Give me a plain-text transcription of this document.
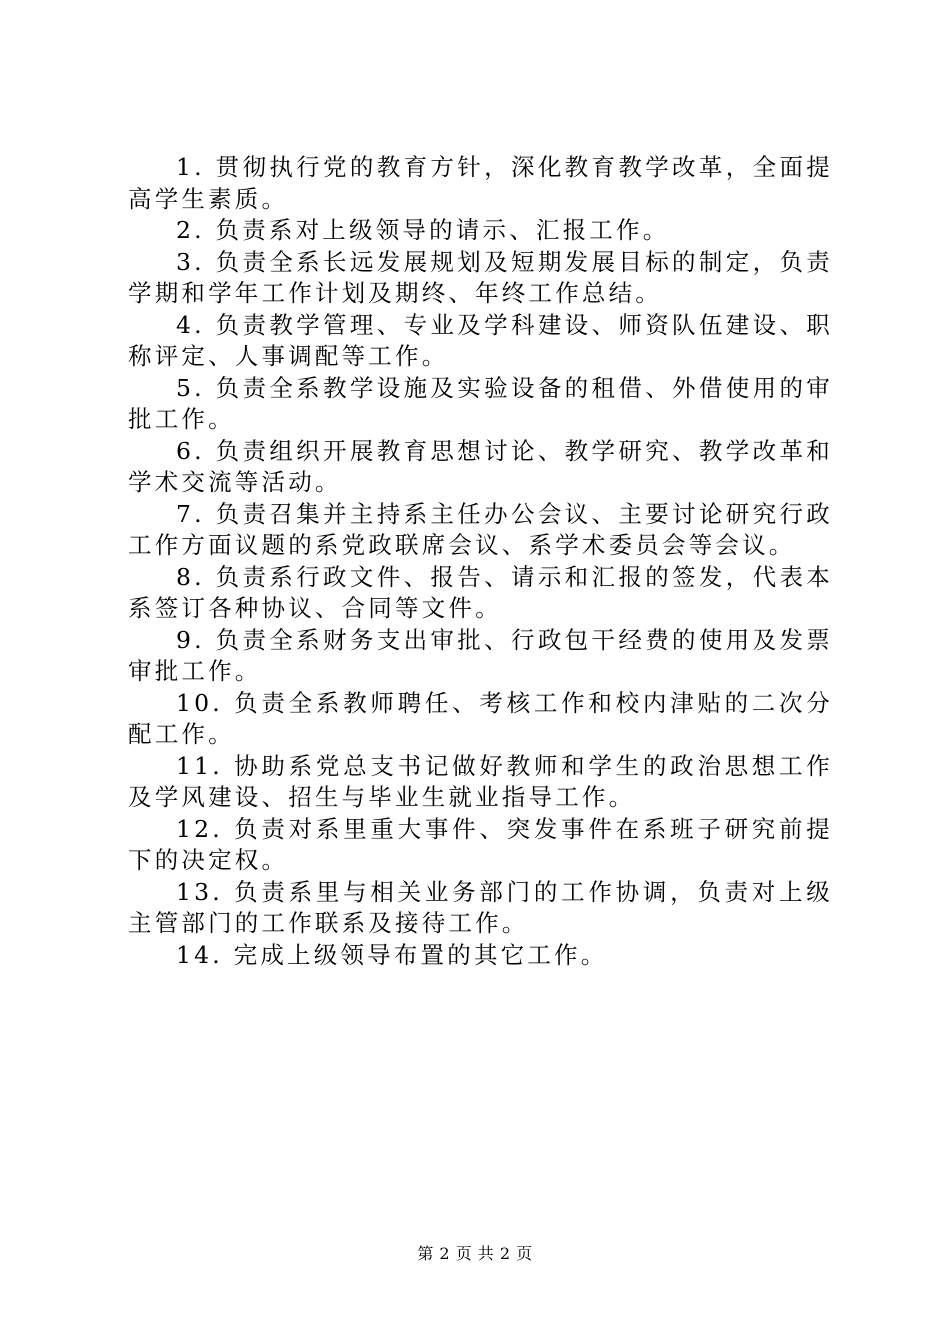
1. 贯彻执行党的教育方针，深化教育教学改革，全面提高学生素质。

2. 负责系对上级领导的请示、汇报工作。

3. 负责全系长远发展规划及短期发展目标的制定，负责学期和学年工作计划及期终、年终工作总结。

4. 负责教学管理、专业及学科建设、师资队伍建设、职称评定、人事调配等工作。

5. 负责全系教学设施及实验设备的租借、外借使用的审批工作。

6. 负责组织开展教育思想讨论、教学研究、教学改革和学术交流等活动。

7. 负责召集并主持系主任办公会议、主要讨论研究行政工作方面议题的系党政联席会议、系学术委员会等会议。

8. 负责系行政文件、报告、请示和汇报的签发，代表本系签订各种协议、合同等文件。

9. 负责全系财务支出审批、行政包干经费的使用及发票审批工作。

10. 负责全系教师聘任、考核工作和校内津贴的二次分配工作。

11. 协助系党总支书记做好教师和学生的政治思想工作及学风建设、招生与毕业生就业指导工作。

12. 负责对系里重大事件、突发事件在系班子研究前提下的决定权。

13. 负责系里与相关业务部门的工作协调，负责对上级主管部门的工作联系及接待工作。

14. 完成上级领导布置的其它工作。

第 2 页 共 2 页
